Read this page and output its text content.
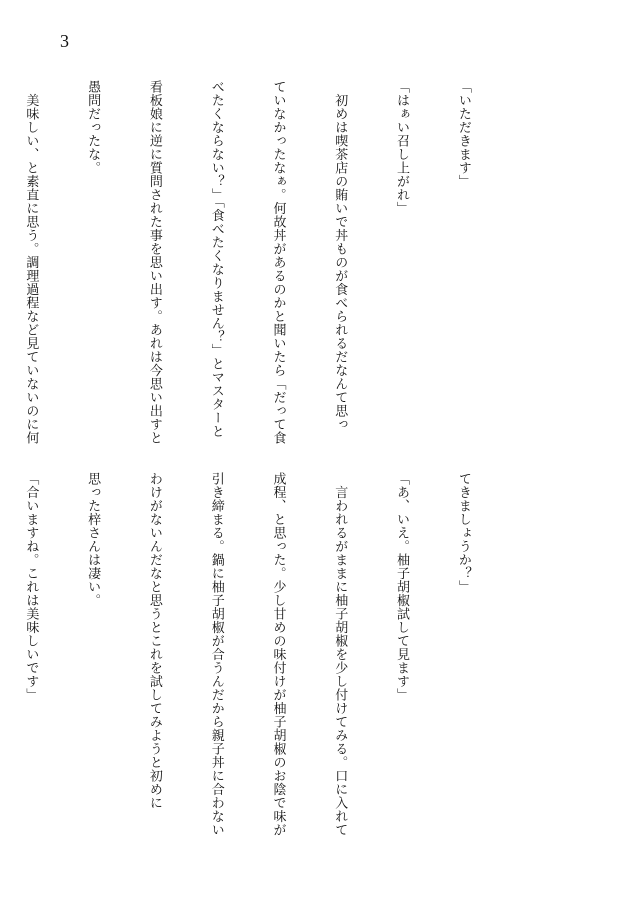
3

「いただきます」

「はぁい召し上がれ」

　初めは喫茶店の賄いで丼ものが食べられるだなんて思っ

ていなかったなぁ。何故丼があるのかと聞いたら「だって食

べたくならない？」「食べたくなりません？」とマスターと

看板娘に逆に質問された事を思い出す。あれは今思い出すと

愚問だったな。

　美味しい、と素直に思う。調理過程など見ていないのに何

てきましょうか？」

「あ、いえ。柚子胡椒試して見ます」

　言われるがままに柚子胡椒を少し付けてみる。口に入れて

成程、と思った。少し甘めの味付けが柚子胡椒のお陰で味が

引き締まる。鍋に柚子胡椒が合うんだから親子丼に合わない

わけがないんだなと思うとこれを試してみようと初めに

思った梓さんは凄い。

「合いますね。これは美味しいです」
